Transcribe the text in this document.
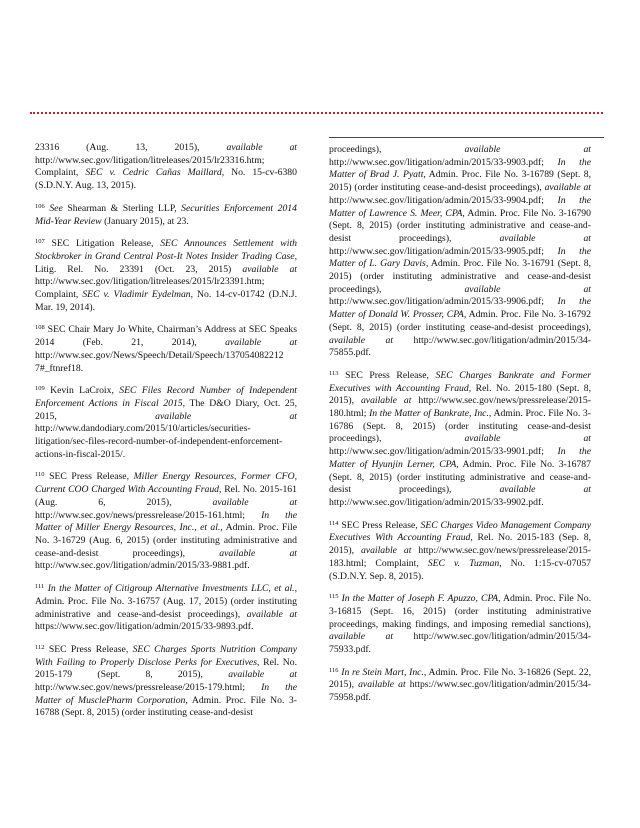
23316 (Aug. 13, 2015), available at http://www.sec.gov/litigation/litreleases/2015/lr23316.htm; Complaint, SEC v. Cedric Cañas Maillard, No. 15-cv-6380 (S.D.N.Y. Aug. 13, 2015).

$^{106}$ See Shearman & Sterling LLP, Securities Enforcement 2014 Mid-Year Review (January 2015), at 23.

$^{107}$ SEC Litigation Release, SEC Announces Settlement with Stockbroker in Grand Central Post-It Notes Insider Trading Case, Litig. Rel. No. 23391 (Oct. 23, 2015) available at http://www.sec.gov/litigation/litreleases/2015/lr23391.htm; Complaint, SEC v. Vladimir Eydelman, No. 14-cv-01742 (D.N.J. Mar. 19, 2014).

$^{108}$ SEC Chair Mary Jo White, Chairman’s Address at SEC Speaks 2014 (Feb. 21, 2014), available at http://www.sec.gov/News/Speech/Detail/Speech/137054082212 7#_ftnref18.

$^{109}$ Kevin LaCroix, SEC Files Record Number of Independent Enforcement Actions in Fiscal 2015, The D&O Diary, Oct. 25, 2015, available at http://www.dandodiary.com/2015/10/articles/securities-litigation/sec-files-record-number-of-independent-enforcement-actions-in-fiscal-2015/.

$^{110}$ SEC Press Release, Miller Energy Resources, Former CFO, Current COO Charged With Accounting Fraud, Rel. No. 2015-161 (Aug. 6, 2015), available at http://www.sec.gov/news/pressrelease/2015-161.html; In the Matter of Miller Energy Resources, Inc., et al., Admin. Proc. File No. 3-16729 (Aug. 6, 2015) (order instituting administrative and cease-and-desist proceedings), available at http://www.sec.gov/litigation/admin/2015/33-9881.pdf.

$^{111}$ In the Matter of Citigroup Alternative Investments LLC, et al., Admin. Proc. File No. 3-16757 (Aug. 17, 2015) (order instituting administrative and cease-and-desist proceedings), available at https://www.sec.gov/litigation/admin/2015/33-9893.pdf.

$^{112}$ SEC Press Release, SEC Charges Sports Nutrition Company With Failing to Properly Disclose Perks for Executives, Rel. No. 2015-179 (Sept. 8, 2015), available at http://www.sec.gov/news/pressrelease/2015-179.html; In the Matter of MusclePharm Corporation, Admin. Proc. File No. 3-16788 (Sept. 8, 2015) (order instituting cease-and-desist

proceedings), available at http://www.sec.gov/litigation/admin/2015/33-9903.pdf; In the Matter of Brad J. Pyatt, Admin. Proc. File No. 3-16789 (Sept. 8, 2015) (order instituting cease-and-desist proceedings), available at http://www.sec.gov/litigation/admin/2015/33-9904.pdf; In the Matter of Lawrence S. Meer, CPA, Admin. Proc. File No. 3-16790 (Sept. 8, 2015) (order instituting administrative and cease-and-desist proceedings), available at http://www.sec.gov/litigation/admin/2015/33-9905.pdf; In the Matter of L. Gary Davis, Admin. Proc. File No. 3-16791 (Sept. 8, 2015) (order instituting administrative and cease-and-desist proceedings), available at http://www.sec.gov/litigation/admin/2015/33-9906.pdf; In the Matter of Donald W. Prosser, CPA, Admin. Proc. File No. 3-16792 (Sept. 8, 2015) (order instituting cease-and-desist proceedings), available at http://www.sec.gov/litigation/admin/2015/34-75855.pdf.

$^{113}$ SEC Press Release, SEC Charges Bankrate and Former Executives with Accounting Fraud, Rel. No. 2015-180 (Sept. 8, 2015), available at http://www.sec.gov/news/pressrelease/2015-180.html; In the Matter of Bankrate, Inc., Admin. Proc. File No. 3-16786 (Sept. 8, 2015) (order instituting cease-and-desist proceedings), available at http://www.sec.gov/litigation/admin/2015/33-9901.pdf; In the Matter of Hyunjin Lerner, CPA, Admin. Proc. File No. 3-16787 (Sept. 8, 2015) (order instituting administrative and cease-and-desist proceedings), available at http://www.sec.gov/litigation/admin/2015/33-9902.pdf.

$^{114}$ SEC Press Release, SEC Charges Video Management Company Executives With Accounting Fraud, Rel. No. 2015-183 (Sep. 8, 2015), available at http://www.sec.gov/news/pressrelease/2015-183.html; Complaint, SEC v. Tuzman, No. 1:15-cv-07057 (S.D.N.Y. Sep. 8, 2015).

$^{115}$ In the Matter of Joseph F. Apuzzo, CPA, Admin. Proc. File No. 3-16815 (Sept. 16, 2015) (order instituting administrative proceedings, making findings, and imposing remedial sanctions), available at http://www.sec.gov/litigation/admin/2015/34-75933.pdf.

$^{116}$ In re Stein Mart, Inc., Admin. Proc. File No. 3-16826 (Sept. 22, 2015), available at https://www.sec.gov/litigation/admin/2015/34-75958.pdf.
